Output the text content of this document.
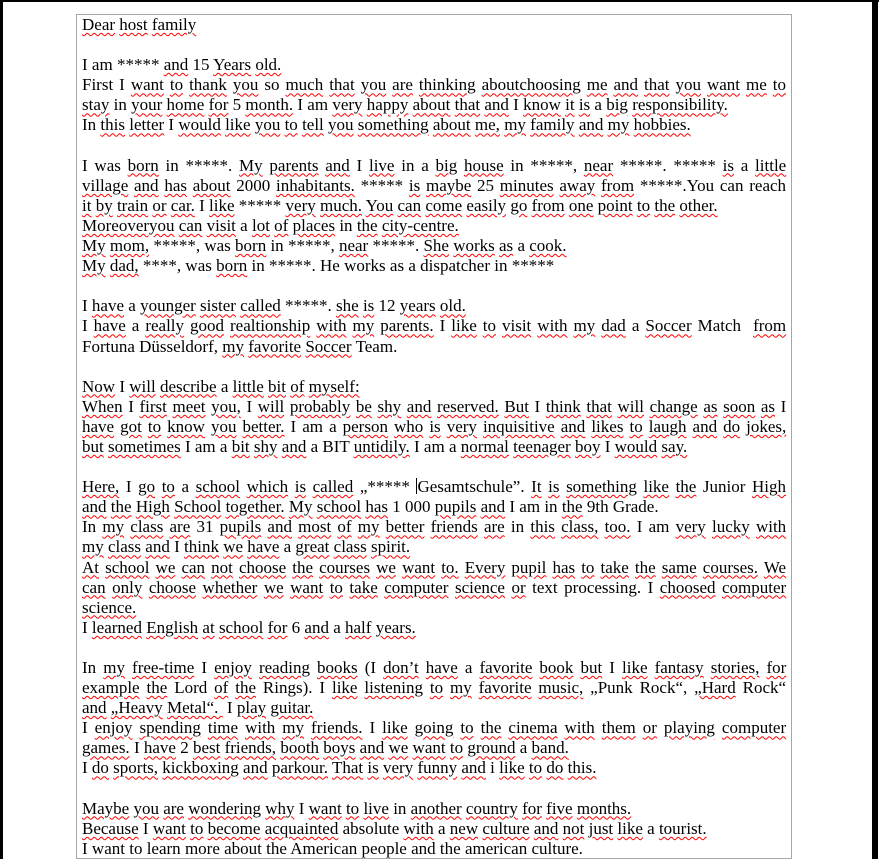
Dear host family
I am ***** and 15 Years old.
First I want to thank you so much that you are thinking aboutchoosing me and that you want me to
stay in your home for 5 month. I am very happy about that and I know it is a big responsibility.
In this letter I would like you to tell you something about me, my family and my hobbies.
I was born in *****. My parents and I live in a big house in *****, near *****. ***** is a little
village and has about 2000 inhabitants. ***** is maybe 25 minutes away from *****.You can reach
it by train or car. I like ***** very much. You can come easily go from one point to the other.
Moreoveryou can visit a lot of places in the city-centre.
My mom, *****, was born in *****, near *****. She works as a cook.
My dad, ****, was born in *****. He works as a dispatcher in *****
I have a younger sister called *****. she is 12 years old.
I have a really good realtionship with my parents. I like to visit with my dad a Soccer Match  from
Fortuna Düsseldorf, my favorite Soccer Team.
Now I will describe a little bit of myself:
When I first meet you, I will probably be shy and reserved. But I think that will change as soon as I
have got to know you better. I am a person who is very inquisitive and likes to laugh and do jokes,
but sometimes I am a bit shy and a BIT untidily. I am a normal teenager boy I would say.
Here, I go to a school which is called „***** Gesamtschule”. It is something like the Junior High
and the High School together. My school has 1 000 pupils and I am in the 9th Grade.
In my class are 31 pupils and most of my better friends are in this class, too. I am very lucky with
my class and I think we have a great class spirit.
At school we can not choose the courses we want to. Every pupil has to take the same courses. We
can only choose whether we want to take computer science or text processing. I choosed computer
science.
I learned English at school for 6 and a half years.
In my free-time I enjoy reading books (I don’t have a favorite book but I like fantasy stories, for
example the Lord of the Rings). I like listening to my favorite music, „Punk Rock“, „Hard Rock“
and „Heavy Metal“.  I play guitar.
I enjoy spending time with my friends. I like going to the cinema with them or playing computer
games. I have 2 best friends, booth boys and we want to ground a band.
I do sports, kickboxing and parkour. That is very funny and i like to do this.
Maybe you are wondering why I want to live in another country for five months.
Because I want to become acquainted absolute with a new culture and not just like a tourist.
I want to learn more about the American people and the american culture.
